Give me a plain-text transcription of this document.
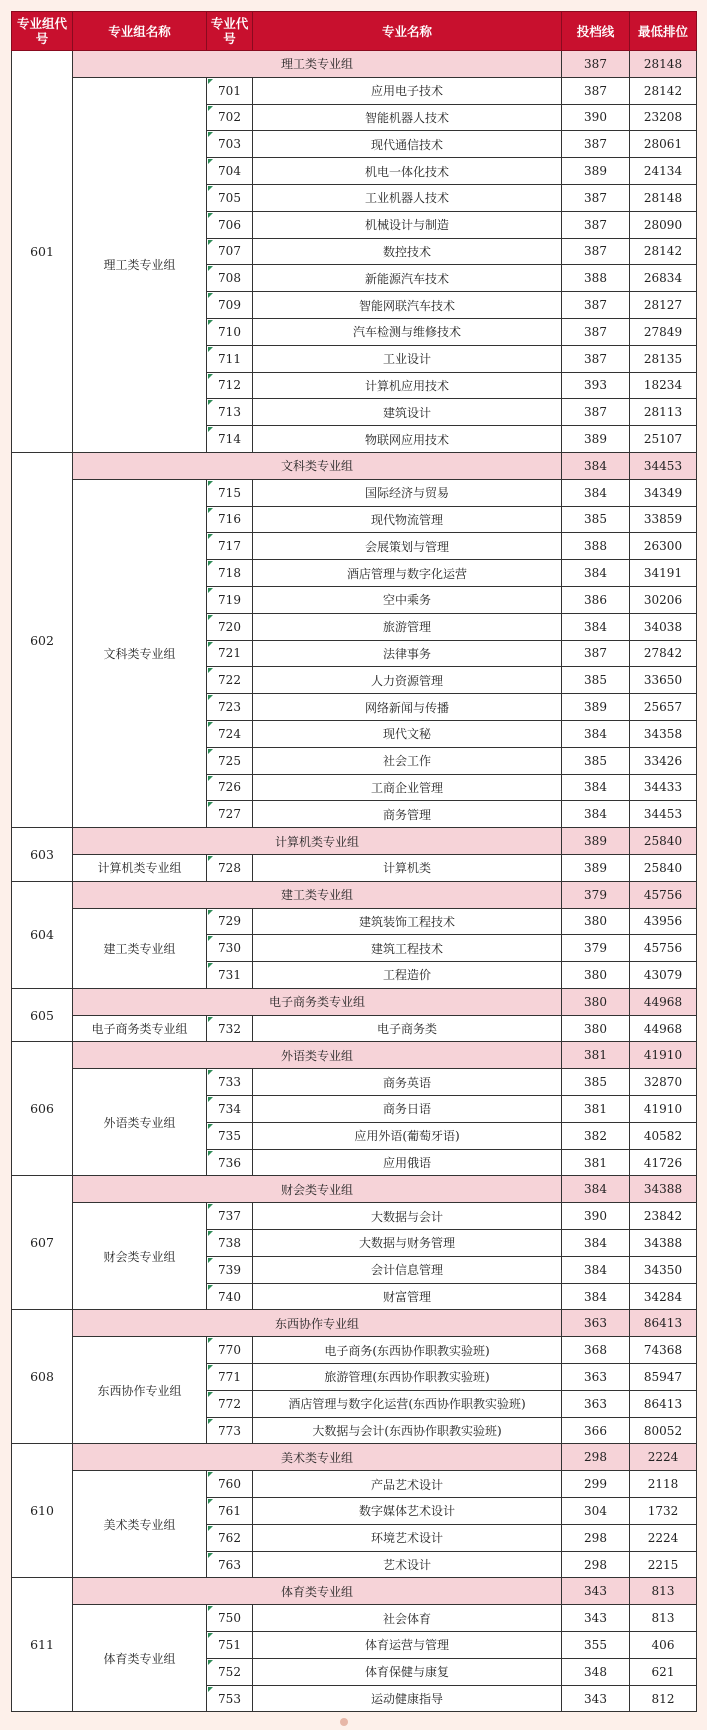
专业组代号	专业组名称	专业代号	专业名称	投档线	最低排位
601	理工类专业组			387	28148
	理工类专业组	701	应用电子技术	387	28142
		702	智能机器人技术	390	23208
		703	现代通信技术	387	28061
		704	机电一体化技术	389	24134
		705	工业机器人技术	387	28148
		706	机械设计与制造	387	28090
		707	数控技术	387	28142
		708	新能源汽车技术	388	26834
		709	智能网联汽车技术	387	28127
		710	汽车检测与维修技术	387	27849
		711	工业设计	387	28135
		712	计算机应用技术	393	18234
		713	建筑设计	387	28113
		714	物联网应用技术	389	25107
602	文科类专业组			384	34453
	文科类专业组	715	国际经济与贸易	384	34349
		716	现代物流管理	385	33859
		717	会展策划与管理	388	26300
		718	酒店管理与数字化运营	384	34191
		719	空中乘务	386	30206
		720	旅游管理	384	34038
		721	法律事务	387	27842
		722	人力资源管理	385	33650
		723	网络新闻与传播	389	25657
		724	现代文秘	384	34358
		725	社会工作	385	33426
		726	工商企业管理	384	34433
		727	商务管理	384	34453
603	计算机类专业组			389	25840
	计算机类专业组	728	计算机类	389	25840
604	建工类专业组			379	45756
	建工类专业组	729	建筑装饰工程技术	380	43956
		730	建筑工程技术	379	45756
		731	工程造价	380	43079
605	电子商务类专业组			380	44968
	电子商务类专业组	732	电子商务类	380	44968
606	外语类专业组			381	41910
	外语类专业组	733	商务英语	385	32870
		734	商务日语	381	41910
		735	应用外语(葡萄牙语)	382	40582
		736	应用俄语	381	41726
607	财会类专业组			384	34388
	财会类专业组	737	大数据与会计	390	23842
		738	大数据与财务管理	384	34388
		739	会计信息管理	384	34350
		740	财富管理	384	34284
608	东西协作专业组			363	86413
	东西协作专业组	770	电子商务(东西协作职教实验班)	368	74368
		771	旅游管理(东西协作职教实验班)	363	85947
		772	酒店管理与数字化运营(东西协作职教实验班)	363	86413
		773	大数据与会计(东西协作职教实验班)	366	80052
610	美术类专业组			298	2224
	美术类专业组	760	产品艺术设计	299	2118
		761	数字媒体艺术设计	304	1732
		762	环境艺术设计	298	2224
		763	艺术设计	298	2215
611	体育类专业组			343	813
	体育类专业组	750	社会体育	343	813
		751	体育运营与管理	355	406
		752	体育保健与康复	348	621
		753	运动健康指导	343	812
